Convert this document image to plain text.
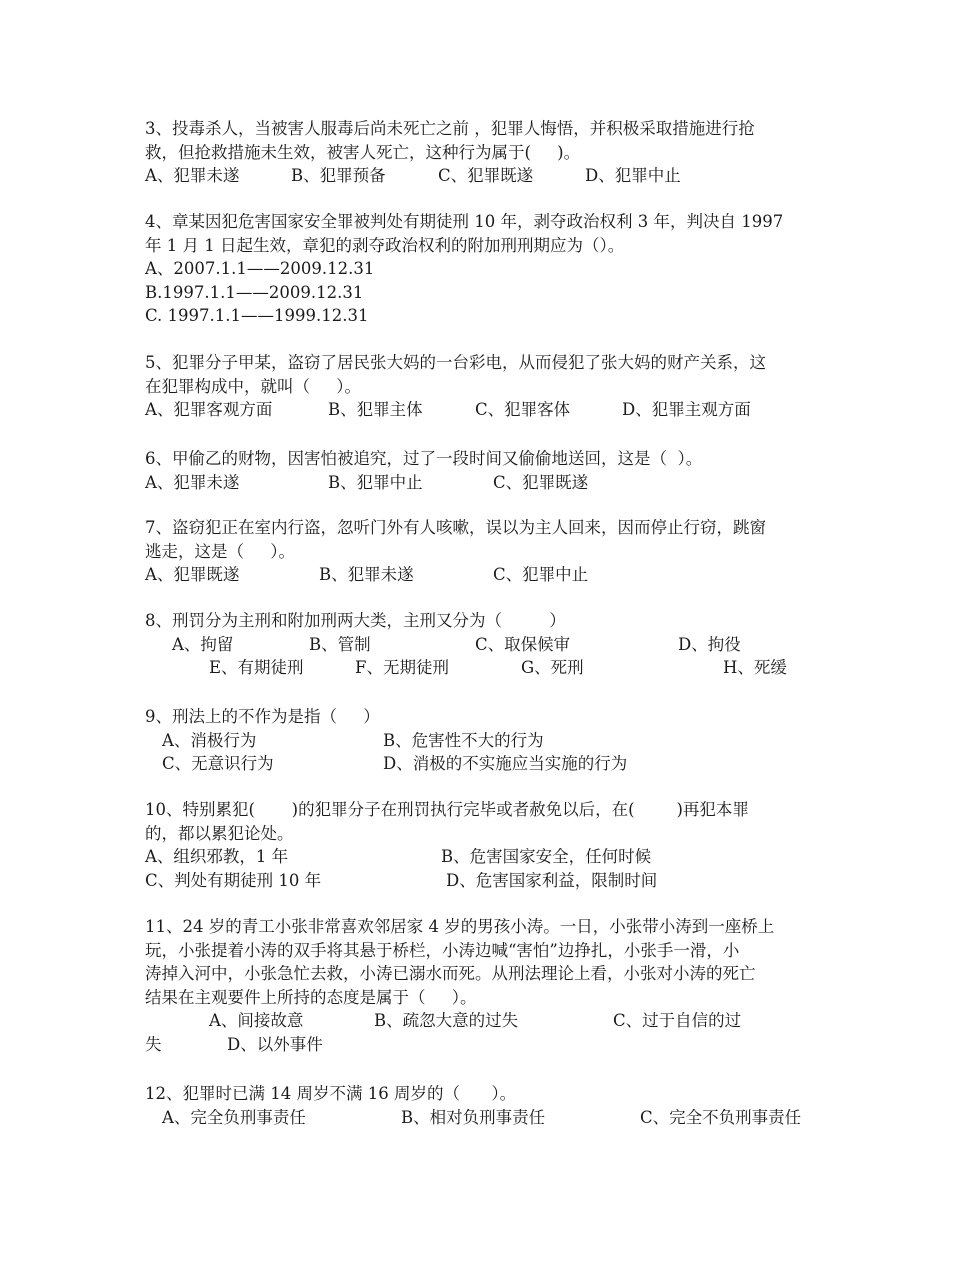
3、投毒杀人，当被害人服毒后尚未死亡之前 ，犯罪人悔悟，并积极采取措施进行抢
救，但抢救措施未生效，被害人死亡，这种行为属于(     )。
A、犯罪未遂	B、犯罪预备	C、犯罪既遂	D、犯罪中止
4、章某因犯危害国家安全罪被判处有期徒刑 10 年，剥夺政治权利 3 年，判决自 1997
年 1 月 1 日起生效，章犯的剥夺政治权利的附加刑刑期应为（）。
A、2007.1.1——2009.12.31
B.1997.1.1——2009.12.31
C. 1997.1.1——1999.12.31
5、犯罪分子甲某，盗窃了居民张大妈的一台彩电，从而侵犯了张大妈的财产关系，这
在犯罪构成中，就叫（     ）。
A、犯罪客观方面	B、犯罪主体	C、犯罪客体	D、犯罪主观方面
6、甲偷乙的财物，因害怕被追究，过了一段时间又偷偷地送回，这是（  ）。
A、犯罪未遂	B、犯罪中止	C、犯罪既遂
7、盗窃犯正在室内行盗，忽听门外有人咳嗽，误以为主人回来，因而停止行窃，跳窗
逃走，这是（     ）。
A、犯罪既遂	B、犯罪未遂	C、犯罪中止
8、刑罚分为主刑和附加刑两大类，主刑又分为（         ）
A、拘留	B、管制	C、取保候审	D、拘役
E、有期徒刑	F、无期徒刑	G、死刑	H、死缓
9、刑法上的不作为是指（     ）
A、消极行为	B、危害性不大的行为
C、无意识行为	D、消极的不实施应当实施的行为
10、特别累犯(       )的犯罪分子在刑罚执行完毕或者赦免以后，在(        )再犯本罪
的，都以累犯论处。
A、组织邪教，1 年	B、危害国家安全，任何时候
C、判处有期徒刑 10 年	D、危害国家利益，限制时间
11、24 岁的青工小张非常喜欢邻居家 4 岁的男孩小涛。一日，小张带小涛到一座桥上
玩，小张提着小涛的双手将其悬于桥栏，小涛边喊“害怕”边挣扎，小张手一滑，小
涛掉入河中，小张急忙去救，小涛已溺水而死。从刑法理论上看，小张对小涛的死亡
结果在主观要件上所持的态度是属于（     ）。
A、间接故意	B、疏忽大意的过失	C、过于自信的过
失	D、以外事件
12、犯罪时已满 14 周岁不满 16 周岁的（      ）。
A、完全负刑事责任	B、相对负刑事责任	C、完全不负刑事责任
